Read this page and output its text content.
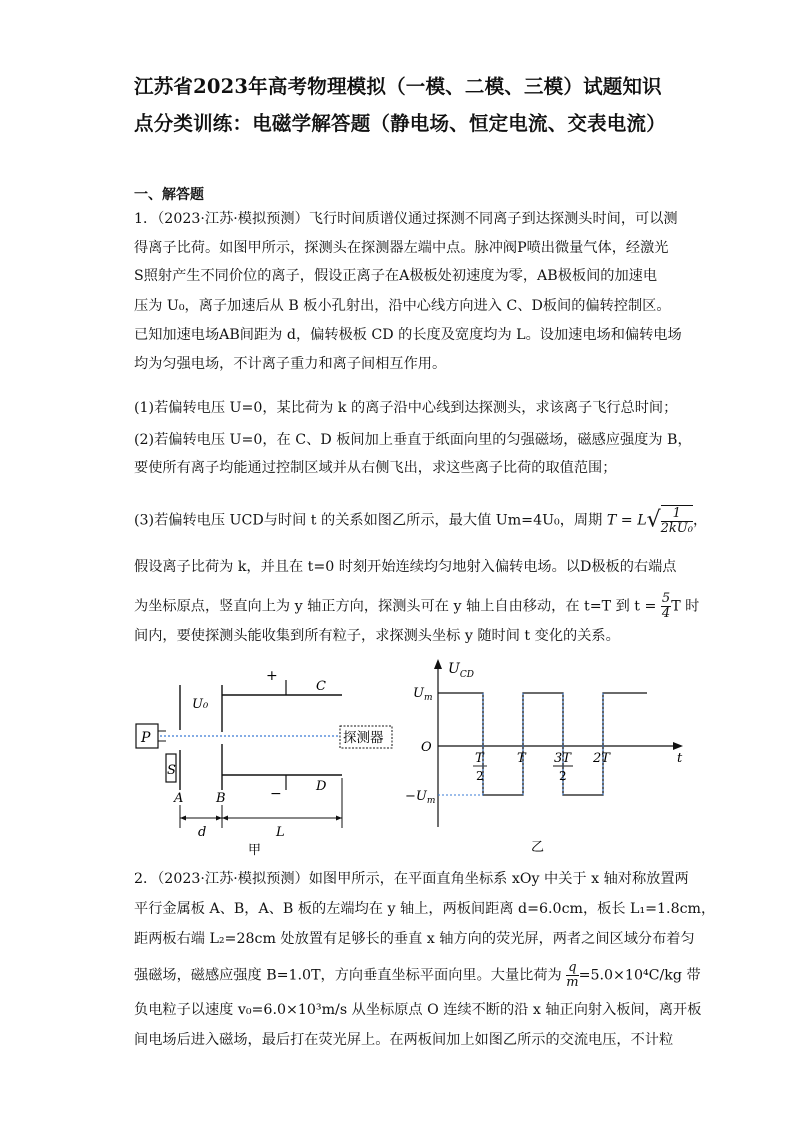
江苏省2023年高考物理模拟（一模、二模、三模）试题知识
点分类训练：电磁学解答题（静电场、恒定电流、交表电流）
一、解答题
1．（2023·江苏·模拟预测）飞行时间质谱仪通过探测不同离子到达探测头时间，可以测
得离子比荷。如图甲所示，探测头在探测器左端中点。脉冲阀P喷出微量气体，经激光
S照射产生不同价位的离子，假设正离子在A极板处初速度为零，AB极板间的加速电
压为 U₀，离子加速后从 B 板小孔射出，沿中心线方向进入 C、D板间的偏转控制区。
已知加速电场AB间距为 d，偏转极板 CD 的长度及宽度均为 L。设加速电场和偏转电场
均为匀强电场，不计离子重力和离子间相互作用。
(1)若偏转电压 U=0，某比荷为 k 的离子沿中心线到达探测头，求该离子飞行总时间；
(2)若偏转电压 U=0，在 C、D 板间加上垂直于纸面向里的匀强磁场，磁感应强度为 B，
要使所有离子均能通过控制区域并从右侧飞出，求这些离子比荷的取值范围；
(3)若偏转电压 UCD与时间 t 的关系如图乙所示，最大值 Um=4U₀，周期 $T = L√ \frac{1}{\text{2kU₀}}$ ，
假设离子比荷为 k，并且在 t=0 时刻开始连续均匀地射入偏转电场。以D极板的右端点
为坐标原点，竖直向上为 y 轴正方向，探测头可在 y 轴上自由移动，在 t=T 到 $t = \frac{5}{4}$ T 时
间内，要使探测头能收集到所有粒子，求探测头坐标 y 随时间 t 变化的关系。
P
S
探测器
+
−
U₀
C
D
A	B
d	L
甲
$U_{CD}$
$U_m$
O
t
$-U_m$
T
2
T 3T
2
2T
乙
2．（2023·江苏·模拟预测）如图甲所示，在平面直角坐标系 xOy 中关于 x 轴对称放置两
平行金属板 A、B，A、B 板的左端均在 y 轴上，两板间距离 d=6.0cm，板长 L₁=1.8cm，
距两板右端 L₂=28cm 处放置有足够长的垂直 x 轴方向的荧光屏，两者之间区域分布着匀
强磁场，磁感应强度 B=1.0T，方向垂直坐标平面向里。大量比荷为 $\frac{q}{m} =5.0\times 10^4C/kg$ 带
负电粒子以速度 v₀=6.0×10³m/s 从坐标原点 O 连续不断的沿 x 轴正向射入板间，离开板
间电场后进入磁场，最后打在荧光屏上。在两板间加上如图乙所示的交流电压，不计粒
